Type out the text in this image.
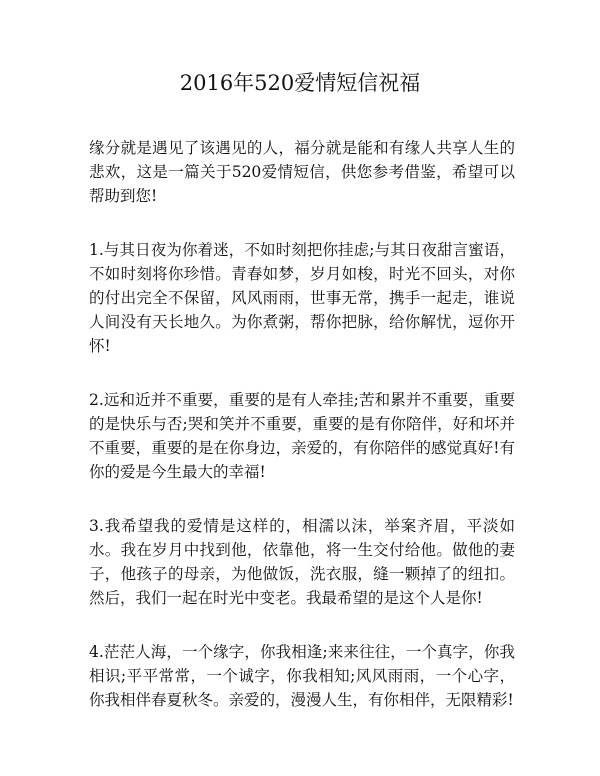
2016年520爱情短信祝福

缘分就是遇见了该遇见的人，福分就是能和有缘人共享人生的悲欢，这是一篇关于520爱情短信，供您参考借鉴，希望可以帮助到您!

1.与其日夜为你着迷，不如时刻把你挂虑;与其日夜甜言蜜语，不如时刻将你珍惜。青春如梦，岁月如梭，时光不回头，对你的付出完全不保留，风风雨雨，世事无常，携手一起走，谁说人间没有天长地久。为你煮粥，帮你把脉，给你解忧，逗你开怀!

2.远和近并不重要，重要的是有人牵挂;苦和累并不重要，重要的是快乐与否;哭和笑并不重要，重要的是有你陪伴，好和坏并不重要，重要的是在你身边，亲爱的，有你陪伴的感觉真好!有你的爱是今生最大的幸福!

3.我希望我的爱情是这样的，相濡以沫，举案齐眉，平淡如水。我在岁月中找到他，依靠他，将一生交付给他。做他的妻子，他孩子的母亲，为他做饭，洗衣服，缝一颗掉了的纽扣。然后，我们一起在时光中变老。我最希望的是这个人是你!

4.茫茫人海，一个缘字，你我相逢;来来往往，一个真字，你我相识;平平常常，一个诚字，你我相知;风风雨雨，一个心字，你我相伴春夏秋冬。亲爱的，漫漫人生，有你相伴，无限精彩!
